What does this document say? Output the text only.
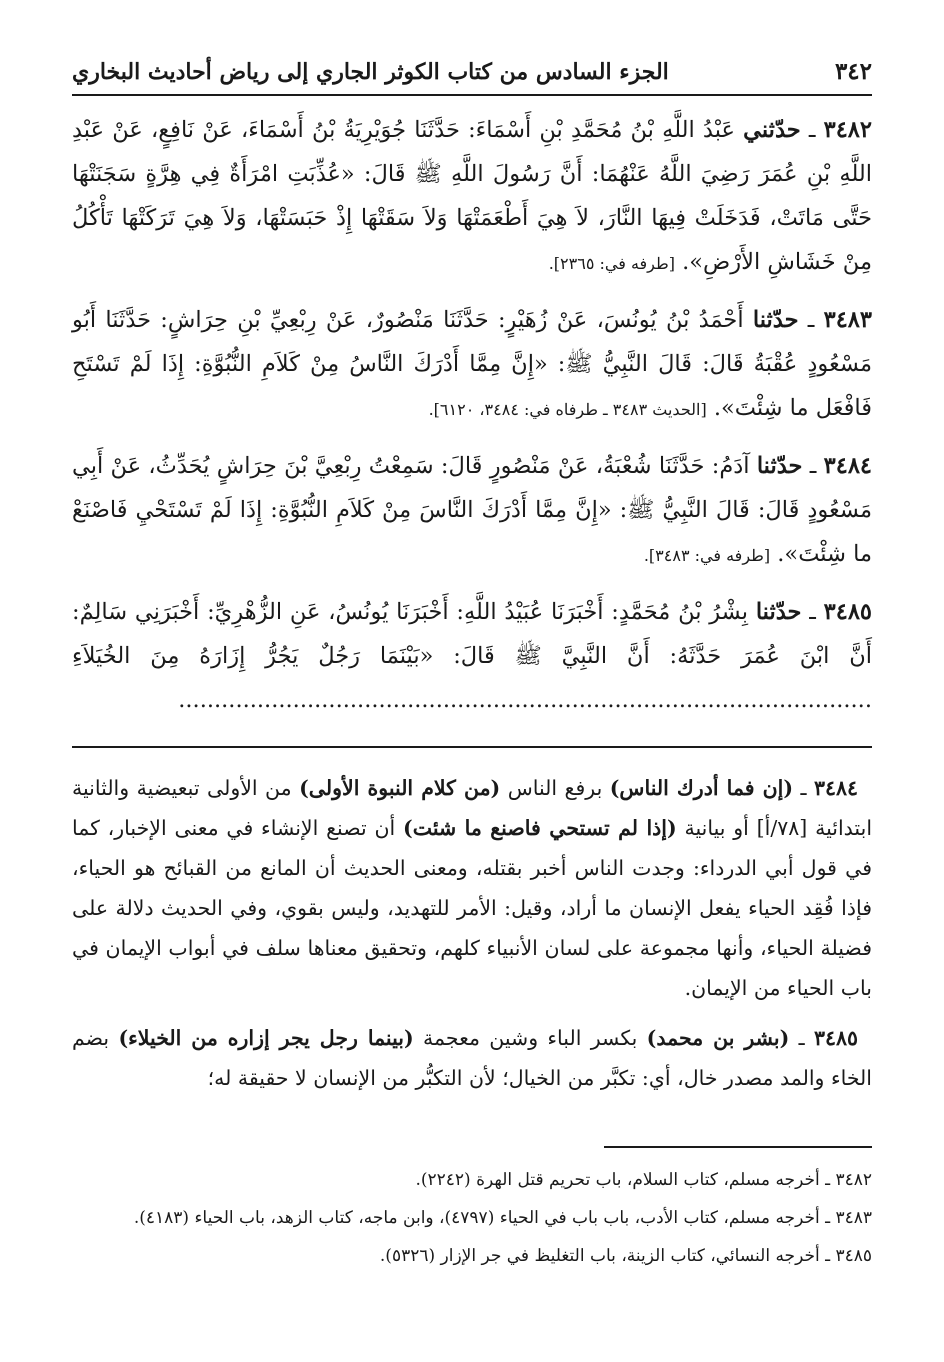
٣٤٢
الجزء السادس من كتاب الكوثر الجاري إلى رياض أحاديث البخاري

٣٤٨٢ ـ حدّثني عَبْدُ اللَّهِ بْنُ مُحَمَّدِ بْنِ أَسْمَاءَ: حَدَّثَنَا جُوَيْرِيَةُ بْنُ أَسْمَاءَ، عَنْ نَافِعٍ، عَنْ عَبْدِ اللَّهِ بْنِ عُمَرَ رَضِيَ اللَّهُ عَنْهُمَا: أَنَّ رَسُولَ اللَّهِ ﷺ قَالَ: «عُذِّبَتِ امْرَأَةٌ فِي هِرَّةٍ سَجَنَتْهَا حَتَّى مَاتَتْ، فَدَخَلَتْ فِيهَا النَّارَ، لاَ هِيَ أَطْعَمَتْهَا وَلاَ سَقَتْهَا إِذْ حَبَسَتْهَا، وَلاَ هِيَ تَرَكَتْهَا تَأْكُلُ مِنْ خَشَاشِ الأَرْضِ». [طرفه في: ٢٣٦٥].

٣٤٨٣ ـ حدّثنا أَحْمَدُ بْنُ يُونُسَ، عَنْ زُهَيْرٍ: حَدَّثَنَا مَنْصُورٌ، عَنْ رِبْعِيِّ بْنِ حِرَاشٍ: حَدَّثَنَا أَبُو مَسْعُودٍ عُقْبَةُ قَالَ: قَالَ النَّبِيُّ ﷺ: «إِنَّ مِمَّا أَدْرَكَ النَّاسُ مِنْ كَلاَمِ النُّبُوَّةِ: إِذَا لَمْ تَسْتَحِ فَافْعَل ما شِئْتَ». [الحديث ٣٤٨٣ ـ طرفاه في: ٣٤٨٤، ٦١٢٠].

٣٤٨٤ ـ حدّثنا آدَمُ: حَدَّثَنَا شُعْبَةُ، عَنْ مَنْصُورٍ قَالَ: سَمِعْتُ رِبْعِيَّ بْنَ حِرَاشٍ يُحَدِّثُ، عَنْ أَبِي مَسْعُودٍ قَالَ: قَالَ النَّبِيُّ ﷺ: «إِنَّ مِمَّا أَدْرَكَ النَّاسَ مِنْ كَلاَمِ النُّبُوَّةِ: إِذَا لَمْ تَسْتَحْيِ فَاصْنَعْ ما شِئْتَ». [طرفه في: ٣٤٨٣].

٣٤٨٥ ـ حدّثنا بِشْرُ بْنُ مُحَمَّدٍ: أَخْبَرَنَا عُبَيْدُ اللَّهِ: أَخْبَرَنَا يُونُسُ، عَنِ الزُّهْرِيِّ: أَخْبَرَنِي سَالِمٌ: أَنَّ ابْنَ عُمَرَ حَدَّثَهُ: أَنَّ النَّبِيَّ ﷺ قَالَ: «بَيْنَمَا رَجُلٌ يَجُرُّ إِزَارَهُ مِنَ الخُيَلاَءِ .................................................................................................

٣٤٨٤ ـ (إن فما أدرك الناس) برفع الناس (من كلام النبوة الأولى) من الأولى تبعيضية والثانية ابتدائية [٧٨/أ] أو بيانية (إذا لم تستحي فاصنع ما شئت) أن تصنع الإنشاء في معنى الإخبار، كما في قول أبي الدرداء: وجدت الناس أخبر بقتله، ومعنى الحديث أن المانع من القبائح هو الحياء، فإذا فُقِد الحياء يفعل الإنسان ما أراد، وقيل: الأمر للتهديد، وليس بقوي، وفي الحديث دلالة على فضيلة الحياء، وأنها مجموعة على لسان الأنبياء كلهم، وتحقيق معناها سلف في أبواب الإيمان في باب الحياء من الإيمان.

٣٤٨٥ ـ (بشر بن محمد) بكسر الباء وشين معجمة (بينما رجل يجر إزاره من الخيلاء) بضم الخاء والمد مصدر خال، أي: تكبَّر من الخيال؛ لأن التكبُّر من الإنسان لا حقيقة له؛

٣٤٨٢ ـ أخرجه مسلم، كتاب السلام، باب تحريم قتل الهرة (٢٢٤٢).

٣٤٨٣ ـ أخرجه مسلم، كتاب الأدب، باب باب في الحياء (٤٧٩٧)، وابن ماجه، كتاب الزهد، باب الحياء (٤١٨٣).

٣٤٨٥ ـ أخرجه النسائي، كتاب الزينة، باب التغليظ في جر الإزار (٥٣٢٦).
